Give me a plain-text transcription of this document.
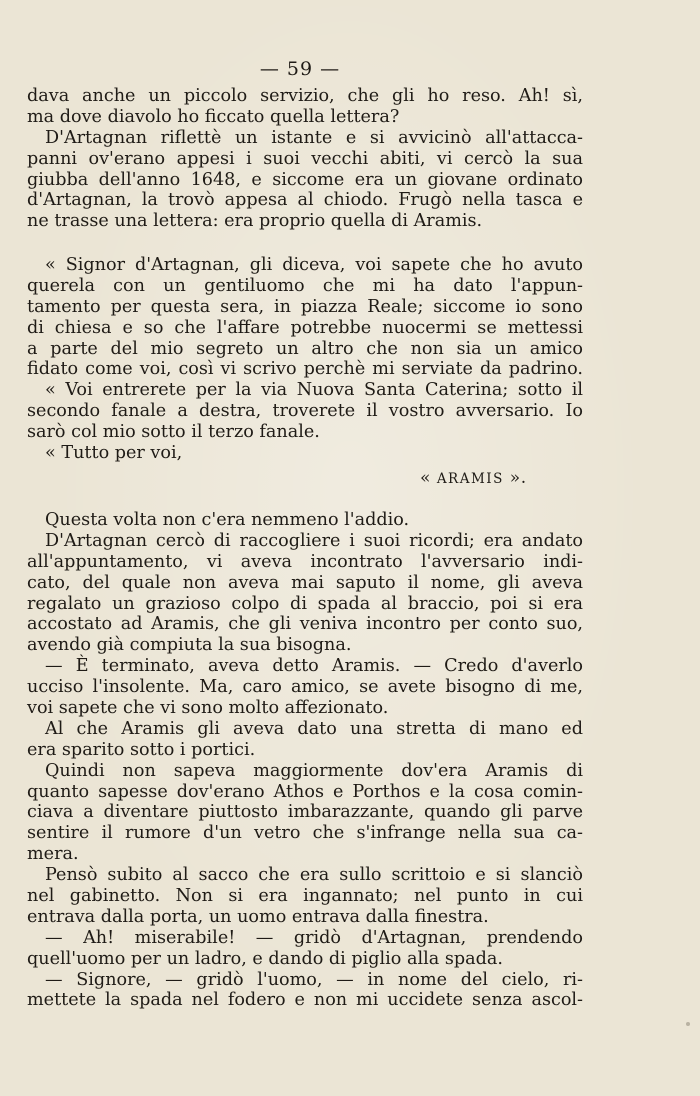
— 59 —
dava anche un piccolo servizio, che gli ho reso. Ah! sì,
ma dove diavolo ho ficcato quella lettera?
D'Artagnan riflettè un istante e si avvicinò all'attacca-
panni ov'erano appesi i suoi vecchi abiti, vi cercò la sua
giubba dell'anno 1648, e siccome era un giovane ordinato
d'Artagnan, la trovò appesa al chiodo. Frugò nella tasca e
ne trasse una lettera: era proprio quella di Aramis.
« Signor d'Artagnan, gli diceva, voi sapete che ho avuto
querela con un gentiluomo che mi ha dato l'appun-
tamento per questa sera, in piazza Reale; siccome io sono
di chiesa e so che l'affare potrebbe nuocermi se mettessi
a parte del mio segreto un altro che non sia un amico
fidato come voi, così vi scrivo perchè mi serviate da padrino.
« Voi entrerete per la via Nuova Santa Caterina; sotto il
secondo fanale a destra, troverete il vostro avversario. Io
sarò col mio sotto il terzo fanale.
« Tutto per voi,
« ARAMIS ».
Questa volta non c'era nemmeno l'addio.
D'Artagnan cercò di raccogliere i suoi ricordi; era andato
all'appuntamento, vi aveva incontrato l'avversario indi-
cato, del quale non aveva mai saputo il nome, gli aveva
regalato un grazioso colpo di spada al braccio, poi si era
accostato ad Aramis, che gli veniva incontro per conto suo,
avendo già compiuta la sua bisogna.
— È terminato, aveva detto Aramis. — Credo d'averlo
ucciso l'insolente. Ma, caro amico, se avete bisogno di me,
voi sapete che vi sono molto affezionato.
Al che Aramis gli aveva dato una stretta di mano ed
era sparito sotto i portici.
Quindi non sapeva maggiormente dov'era Aramis di
quanto sapesse dov'erano Athos e Porthos e la cosa comin-
ciava a diventare piuttosto imbarazzante, quando gli parve
sentire il rumore d'un vetro che s'infrange nella sua ca-
mera.
Pensò subito al sacco che era sullo scrittoio e si slanciò
nel gabinetto. Non si era ingannato; nel punto in cui
entrava dalla porta, un uomo entrava dalla finestra.
— Ah! miserabile! — gridò d'Artagnan, prendendo
quell'uomo per un ladro, e dando di piglio alla spada.
— Signore, — gridò l'uomo, — in nome del cielo, ri-
mettete la spada nel fodero e non mi uccidete senza ascol-
